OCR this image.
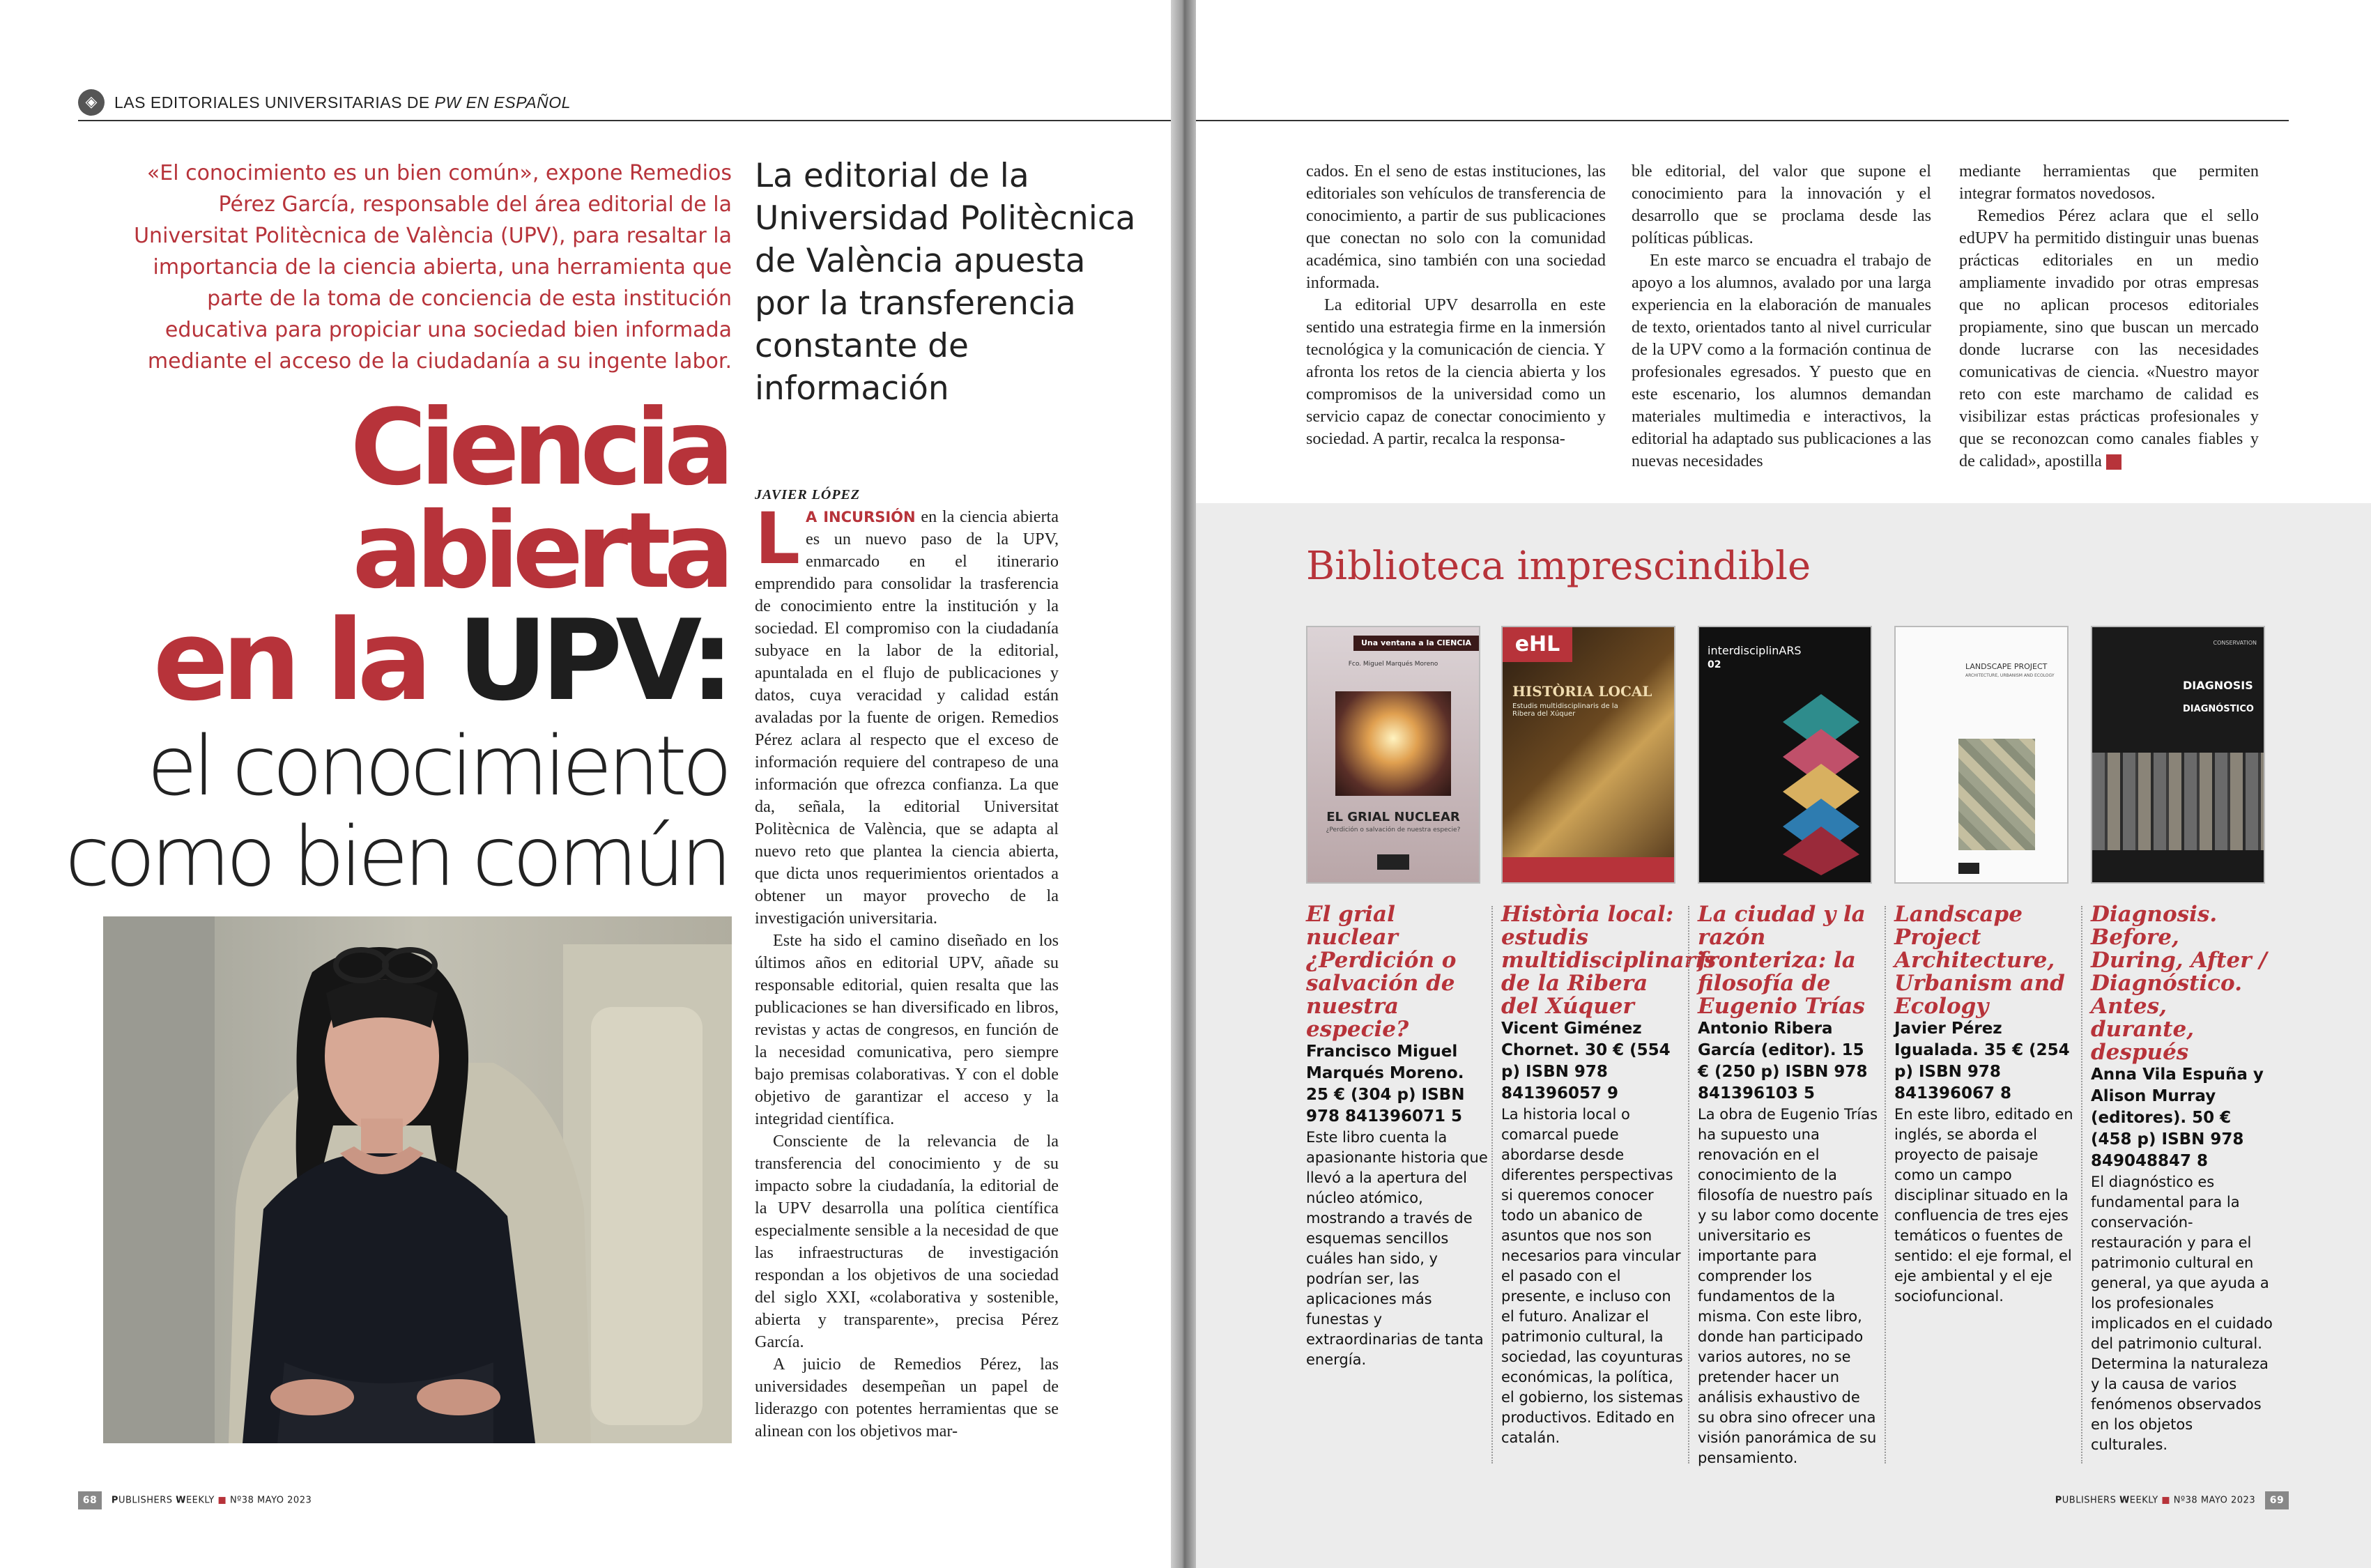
◈	LAS EDITORIALES UNIVERSITARIAS DE PW EN ESPAÑOL
«El conocimiento es un bien común», expone Remedios Pérez García, responsable del área editorial de la Universitat Politècnica de València (UPV), para resaltar la importancia de la ciencia abierta, una herramienta que parte de la toma de conciencia de esta institución educativa para propiciar una sociedad bien informada mediante el acceso de la ciudadanía a su ingente labor.
La editorial de la Universidad Politècnica de València apuesta por la transferencia constante de información
Ciencia
abierta
en la UPV:
el conocimiento
como bien común
JAVIER LÓPEZ

L A INCURSIÓN en la ciencia abierta es un nuevo paso de la UPV, enmarcado en el itinerario emprendido para consolidar la trasferencia de conocimiento entre la institución y la sociedad. El compromiso con la ciudadanía subyace en la labor de la editorial, apuntalada en el flujo de publicaciones y datos, cuya veracidad y calidad están avaladas por la fuente de origen. Remedios Pérez aclara al respecto que el exceso de información requiere del contrapeso de una información que ofrezca confianza. La que da, señala, la editorial Universitat Politècnica de València, que se adapta al nuevo reto que plantea la ciencia abierta, que dicta unos requerimientos orientados a obtener un mayor provecho de la investigación universitaria.

Este ha sido el camino diseñado en los últimos años en editorial UPV, añade su responsable editorial, quien resalta que las publicaciones se han diversificado en libros, revistas y actas de congresos, en función de la necesidad comunicativa, pero siempre bajo premisas colaborativas. Y con el doble objetivo de garantizar el acceso y la integridad científica.

Consciente de la relevancia de la transferencia del conocimiento y de su impacto sobre la ciudadanía, la editorial de la UPV desarrolla una política científica especialmente sensible a la necesidad de que las infraestructuras de investigación respondan a los objetivos de una sociedad del siglo XXI, «colaborativa y sostenible, abierta y transparente», precisa Pérez García.

A juicio de Remedios Pérez, las universidades desempeñan un papel de liderazgo con potentes herramientas que se alinean con los objetivos mar-

68 PUBLISHERS WEEKLY ■ Nº38 MAYO 2023

cados. En el seno de estas instituciones, las editoriales son vehículos de transferencia de conocimiento, a partir de sus publicaciones que conectan no solo con la comunidad académica, sino también con una sociedad informada.

La editorial UPV desarrolla en este sentido una estrategia firme en la inmersión tecnológica y la comunicación de ciencia. Y afronta los retos de la ciencia abierta y los compromisos de la universidad como un servicio capaz de conectar conocimiento y sociedad. A partir, recalca la responsa-

ble editorial, del valor que supone el conocimiento para la innovación y el desarrollo que se proclama desde las políticas públicas.

En este marco se encuadra el trabajo de apoyo a los alumnos, avalado por una larga experiencia en la elaboración de manuales de texto, orientados tanto al nivel curricular de la UPV como a la formación continua de profesionales egresados. Y puesto que en este escenario, los alumnos demandan materiales multimedia e interactivos, la editorial ha adaptado sus publicaciones a las nuevas necesidades

mediante herramientas que permiten integrar formatos novedosos.

Remedios Pérez aclara que el sello edUPV ha permitido distinguir unas buenas prácticas editoriales en un medio ampliamente invadido por otras empresas que no aplican procesos editoriales propiamente, sino que buscan un mercado donde lucrarse con las necesidades comunicativas de ciencia. «Nuestro mayor reto con este marchamo de calidad es visibilizar estas prácticas profesionales y que se reconozcan como canales fiables y de calidad», apostilla PW

Biblioteca imprescindible
Una ventana a la CIENCIA
Fco. Miguel Marqués Moreno
EL GRIAL NUCLEAR
¿Perdición o salvación de nuestra especie?
El grial nuclear ¿Perdición o salvación de nuestra especie?
Francisco Miguel Marqués Moreno. 25 € (304 p) ISBN 978 841396071 5
Este libro cuenta la apasionante historia que llevó a la apertura del núcleo atómico, mostrando a través de esquemas sencillos cuáles han sido, y podrían ser, las aplicaciones más funestas y extraordinarias de tanta energía.
eHL
HISTÒRIA LOCAL
Estudis multidisciplinaris de la Ribera del Xúquer
Història local: estudis multidisciplinaris de la Ribera del Xúquer
Vicent Giménez Chornet. 30 € (554 p) ISBN 978 841396057 9
La historia local o comarcal puede abordarse desde diferentes perspectivas si queremos conocer todo un abanico de asuntos que nos son necesarios para vincular el pasado con el presente, e incluso con el futuro. Analizar el patrimonio cultural, la sociedad, las coyunturas económicas, la política, el gobierno, los sistemas productivos. Editado en catalán.
interdisciplinARS
02
La ciudad y la razón fronteriza: la filosofía de Eugenio Trías
Antonio Ribera García (editor). 15 € (250 p) ISBN 978 841396103 5
La obra de Eugenio Trías ha supuesto una renovación en el conocimiento de la filosofía de nuestro país y su labor como docente universitario es importante para comprender los fundamentos de la misma. Con este libro, donde han participado varios autores, no se pretender hacer un análisis exhaustivo de su obra sino ofrecer una visión panorámica de su pensamiento.
LANDSCAPE PROJECT
ARCHITECTURE, URBANISM AND ECOLOGY
Landscape Project Architecture, Urbanism and Ecology
Javier Pérez Igualada. 35 € (254 p) ISBN 978 841396067 8
En este libro, editado en inglés, se aborda el proyecto de paisaje como un campo disciplinar situado en la confluencia de tres ejes temáticos o fuentes de sentido: el eje formal, el eje ambiental y el eje sociofuncional.
CONSERVATION
DIAGNOSIS
DIAGNÓSTICO
Diagnosis. Before, During, After / Diagnóstico. Antes, durante, después
Anna Vila Espuña y Alison Murray (editores). 50 € (458 p) ISBN 978 849048847 8
El diagnóstico es fundamental para la conservación-restauración y para el patrimonio cultural en general, ya que ayuda a los profesionales implicados en el cuidado del patrimonio cultural. Determina la naturaleza y la causa de varios fenómenos observados en los objetos culturales.
PUBLISHERS WEEKLY ■ Nº38 MAYO 2023 69
